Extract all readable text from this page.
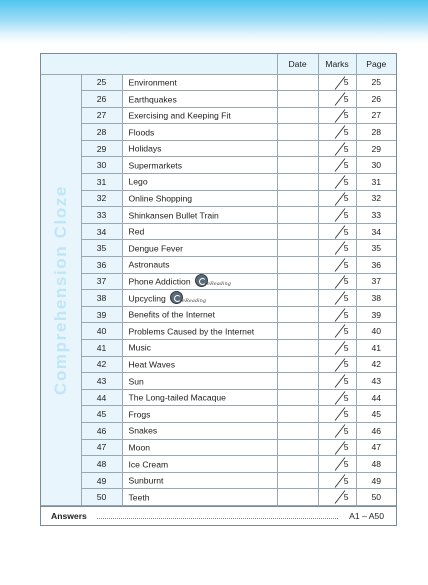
			Date	Marks	Page

Comprehension Cloze	25	Environment		5	25
	26	Earthquakes		5	26
	27	Exercising and Keeping Fit		5	27
	28	Floods		5	28
	29	Holidays		5	29
	30	Supermarkets		5	30
	31	Lego		5	31
	32	Online Shopping		5	32
	33	Shinkansen Bullet Train		5	33
	34	Red		5	34
	35	Dengue Fever		5	35
	36	Astronauts		5	36
	37	Phone Addiction eReading		5	37
	38	Upcycling eReading		5	38
	39	Benefits of the Internet		5	39
	40	Problems Caused by the Internet		5	40
	41	Music		5	41
	42	Heat Waves		5	42
	43	Sun		5	43
	44	The Long-tailed Macaque		5	44
	45	Frogs		5	45
	46	Snakes		5	46
	47	Moon		5	47
	48	Ice Cream		5	48
	49	Sunburnt		5	49
	50	Teeth		5	50
Answers	A1 – A50
